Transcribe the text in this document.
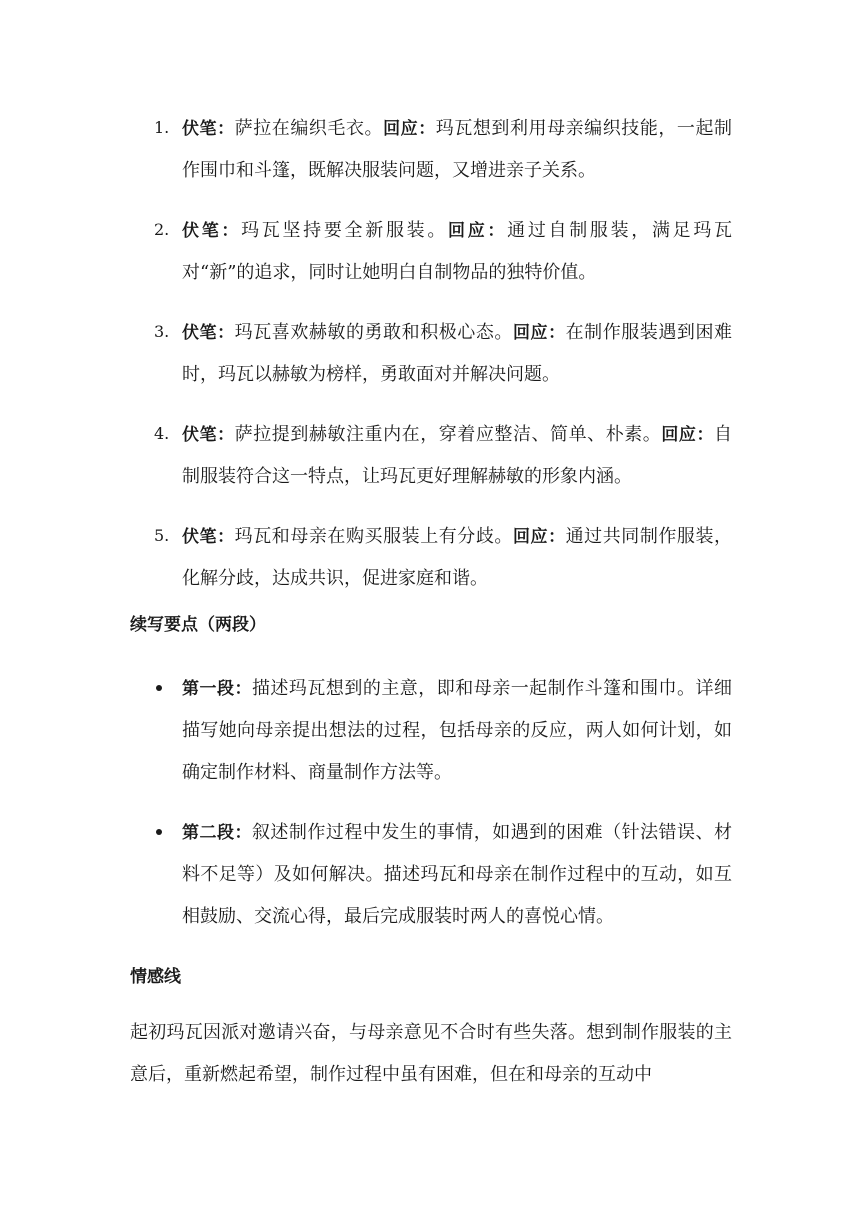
1. 伏笔：萨拉在编织毛衣。回应：玛瓦想到利用母亲编织技能，一起制作围巾和斗篷，既解决服装问题，又增进亲子关系。
2. 伏笔：玛瓦坚持要全新服装。回应：通过自制服装，满足玛瓦对“新”的追求，同时让她明白自制物品的独特价值。
3. 伏笔：玛瓦喜欢赫敏的勇敢和积极心态。回应：在制作服装遇到困难时，玛瓦以赫敏为榜样，勇敢面对并解决问题。
4. 伏笔：萨拉提到赫敏注重内在，穿着应整洁、简单、朴素。回应：自制服装符合这一特点，让玛瓦更好理解赫敏的形象内涵。
5. 伏笔：玛瓦和母亲在购买服装上有分歧。回应：通过共同制作服装，化解分歧，达成共识，促进家庭和谐。
续写要点（两段）
第一段：描述玛瓦想到的主意，即和母亲一起制作斗篷和围巾。详细描写她向母亲提出想法的过程，包括母亲的反应，两人如何计划，如确定制作材料、商量制作方法等。
第二段：叙述制作过程中发生的事情，如遇到的困难（针法错误、材料不足等）及如何解决。描述玛瓦和母亲在制作过程中的互动，如互相鼓励、交流心得，最后完成服装时两人的喜悦心情。
情感线
起初玛瓦因派对邀请兴奋，与母亲意见不合时有些失落。想到制作服装的主意后，重新燃起希望，制作过程中虽有困难，但在和母亲的互动中
